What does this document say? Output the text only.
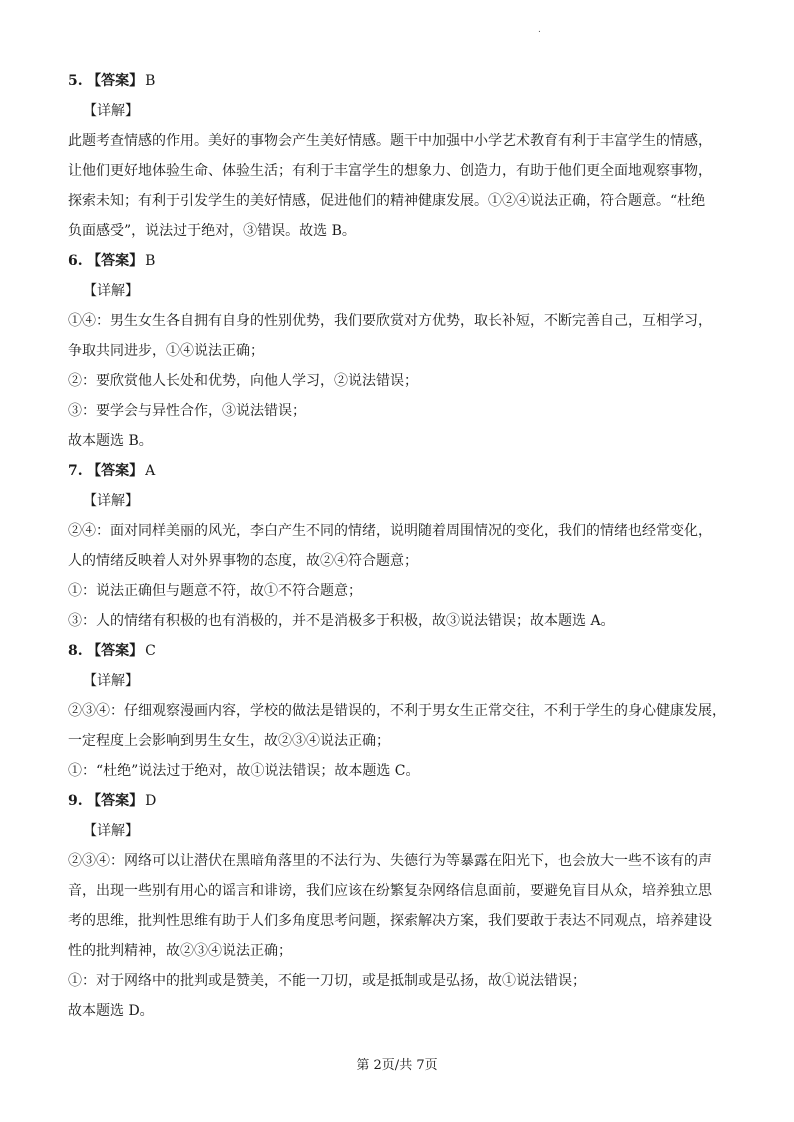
.
5. 【答案】 B
【详解】
此题考查情感的作用。美好的事物会产生美好情感。题干中加强中小学艺术教育有利于丰富学生的情感，
让他们更好地体验生命、体验生活；有利于丰富学生的想象力、创造力，有助于他们更全面地观察事物，
探索未知；有利于引发学生的美好情感，促进他们的精神健康发展。①②④说法正确，符合题意。“杜绝
负面感受”，说法过于绝对，③错误。故选 B。
6. 【答案】 B
【详解】
①④：男生女生各自拥有自身的性别优势，我们要欣赏对方优势，取长补短，不断完善自己，互相学习，
争取共同进步，①④说法正确；
②：要欣赏他人长处和优势，向他人学习，②说法错误；
③：要学会与异性合作，③说法错误；
故本题选 B。
7. 【答案】 A
【详解】
②④：面对同样美丽的风光，李白产生不同的情绪，说明随着周围情况的变化，我们的情绪也经常变化，
人的情绪反映着人对外界事物的态度，故②④符合题意；
①：说法正确但与题意不符，故①不符合题意；
③：人的情绪有积极的也有消极的，并不是消极多于积极，故③说法错误；故本题选 A。
8. 【答案】 C
【详解】
②③④：仔细观察漫画内容，学校的做法是错误的，不利于男女生正常交往，不利于学生的身心健康发展，
一定程度上会影响到男生女生，故②③④说法正确；
①：“杜绝”说法过于绝对，故①说法错误；故本题选 C。
9. 【答案】 D
【详解】
②③④：网络可以让潜伏在黑暗角落里的不法行为、失德行为等暴露在阳光下，也会放大一些不该有的声
音，出现一些别有用心的谣言和诽谤，我们应该在纷繁复杂网络信息面前，要避免盲目从众，培养独立思
考的思维，批判性思维有助于人们多角度思考问题，探索解决方案，我们要敢于表达不同观点，培养建设
性的批判精神，故②③④说法正确；
①：对于网络中的批判或是赞美，不能一刀切，或是抵制或是弘扬，故①说法错误；
故本题选 D。
第 2页/共 7页
